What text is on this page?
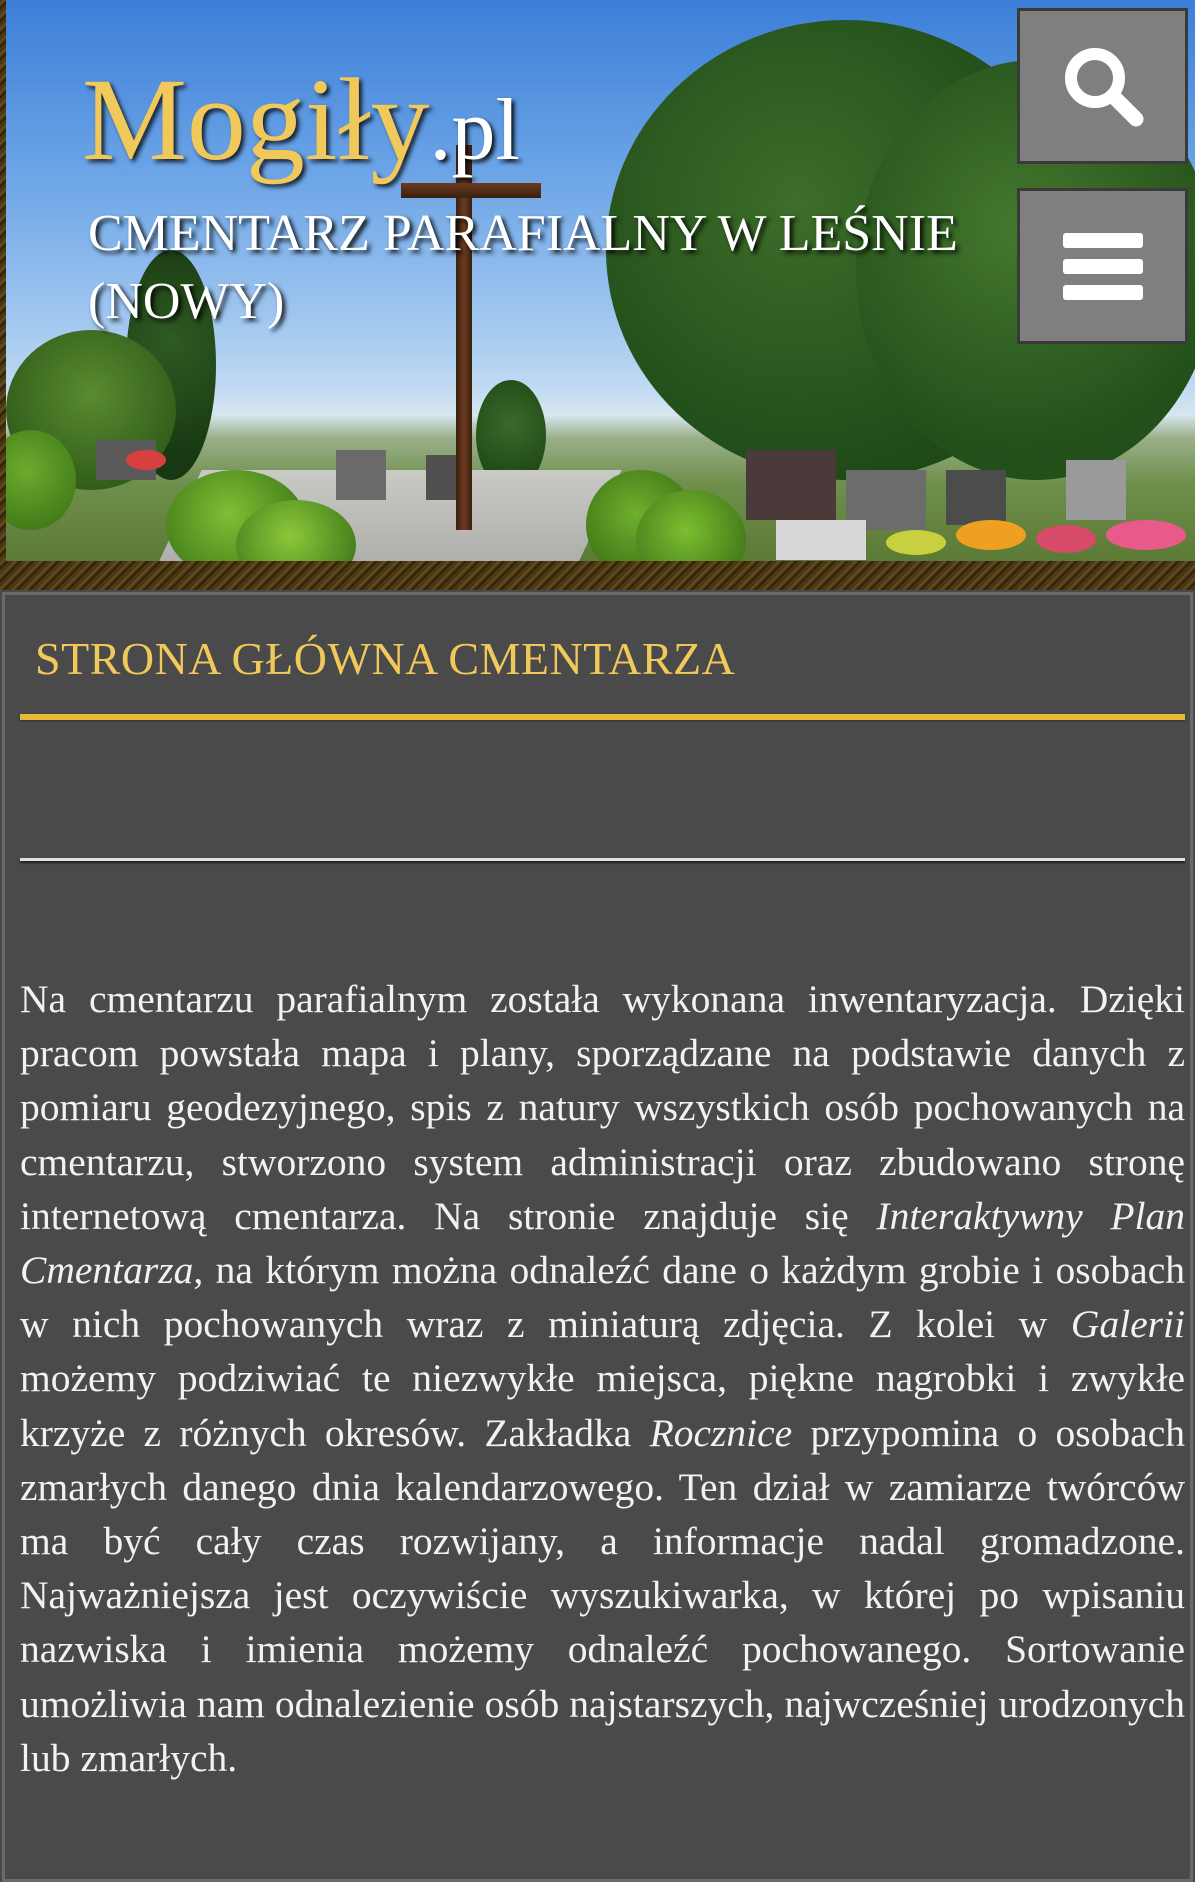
Mogiły.pl
CMENTARZ PARAFIALNY W LEŚNIE (NOWY)
STRONA GŁÓWNA CMENTARZA

Na cmentarzu parafialnym została wykonana inwentaryzacja. Dzięki pracom powstała mapa i plany, sporządzane na podstawie danych z pomiaru geodezyjnego, spis z natury wszystkich osób pochowanych na cmentarzu, stworzono system administracji oraz zbudowano stronę internetową cmentarza. Na stronie znajduje się Interaktywny Plan Cmentarza, na którym można odnaleźć dane o każdym grobie i osobach w nich pochowanych wraz z miniaturą zdjęcia. Z kolei w Galerii możemy podziwiać te niezwykłe miejsca, piękne nagrobki i zwykłe krzyże z różnych okresów. Zakładka Rocznice przypomina o osobach zmarłych danego dnia kalendarzowego. Ten dział w zamiarze twórców ma być cały czas rozwijany, a informacje nadal gromadzone. Najważniejsza jest oczywiście wyszukiwarka, w której po wpisaniu nazwiska i imienia możemy odnaleźć pochowanego. Sortowanie umożliwia nam odnalezienie osób najstarszych, najwcześniej urodzonych lub zmarłych.
